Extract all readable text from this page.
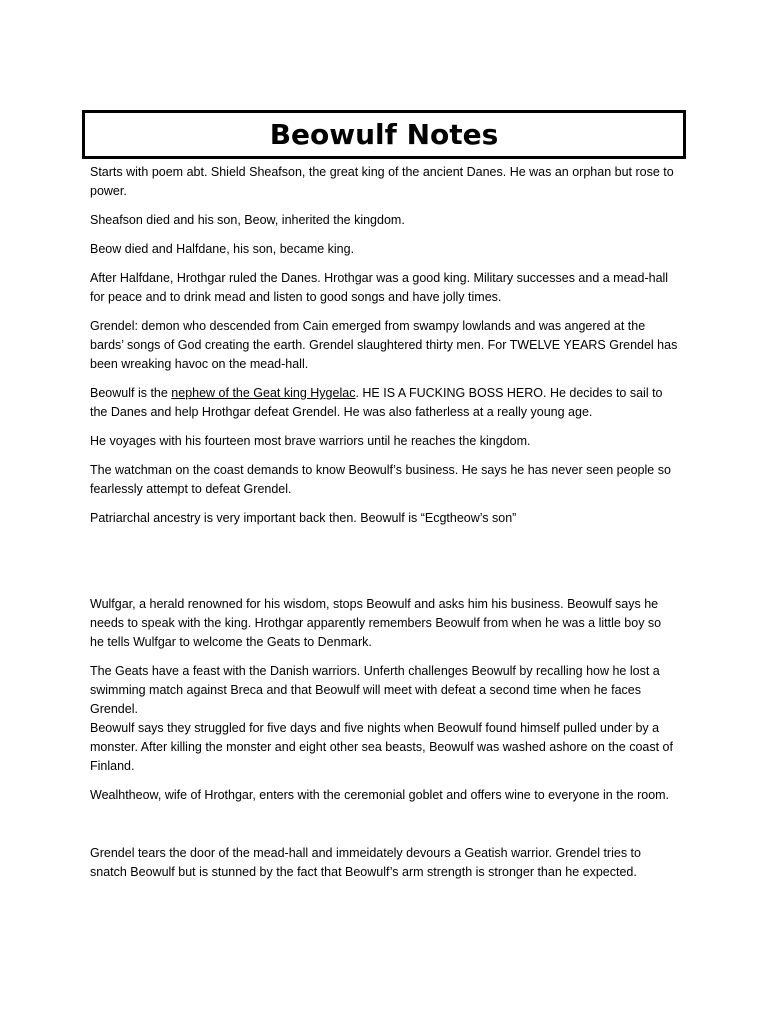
Beowulf Notes

Starts with poem abt. Shield Sheafson, the great king of the ancient Danes. He was an orphan but rose to power.

Sheafson died and his son, Beow, inherited the kingdom.

Beow died and Halfdane, his son, became king.

After Halfdane, Hrothgar ruled the Danes. Hrothgar was a good king. Military successes and a mead-hall for peace and to drink mead and listen to good songs and have jolly times.

Grendel: demon who descended from Cain emerged from swampy lowlands and was angered at the bards’ songs of God creating the earth. Grendel slaughtered thirty men. For TWELVE YEARS Grendel has been wreaking havoc on the mead-hall.

Beowulf is the nephew of the Geat king Hygelac. HE IS A FUCKING BOSS HERO. He decides to sail to the Danes and help Hrothgar defeat Grendel. He was also fatherless at a really young age.

He voyages with his fourteen most brave warriors until he reaches the kingdom.

The watchman on the coast demands to know Beowulf’s business. He says he has never seen people so fearlessly attempt to defeat Grendel.

Patriarchal ancestry is very important back then. Beowulf is “Ecgtheow’s son”

Wulfgar, a herald renowned for his wisdom, stops Beowulf and asks him his business. Beowulf says he needs to speak with the king. Hrothgar apparently remembers Beowulf from when he was a little boy so he tells Wulfgar to welcome the Geats to Denmark.

The Geats have a feast with the Danish warriors. Unferth challenges Beowulf by recalling how he lost a swimming match against Breca and that Beowulf will meet with defeat a second time when he faces Grendel.

Beowulf says they struggled for five days and five nights when Beowulf found himself pulled under by a monster. After killing the monster and eight other sea beasts, Beowulf was washed ashore on the coast of Finland.

Wealhtheow, wife of Hrothgar, enters with the ceremonial goblet and offers wine to everyone in the room.

Grendel tears the door of the mead-hall and immeidately devours a Geatish warrior. Grendel tries to snatch Beowulf but is stunned by the fact that Beowulf’s arm strength is stronger than he expected.
